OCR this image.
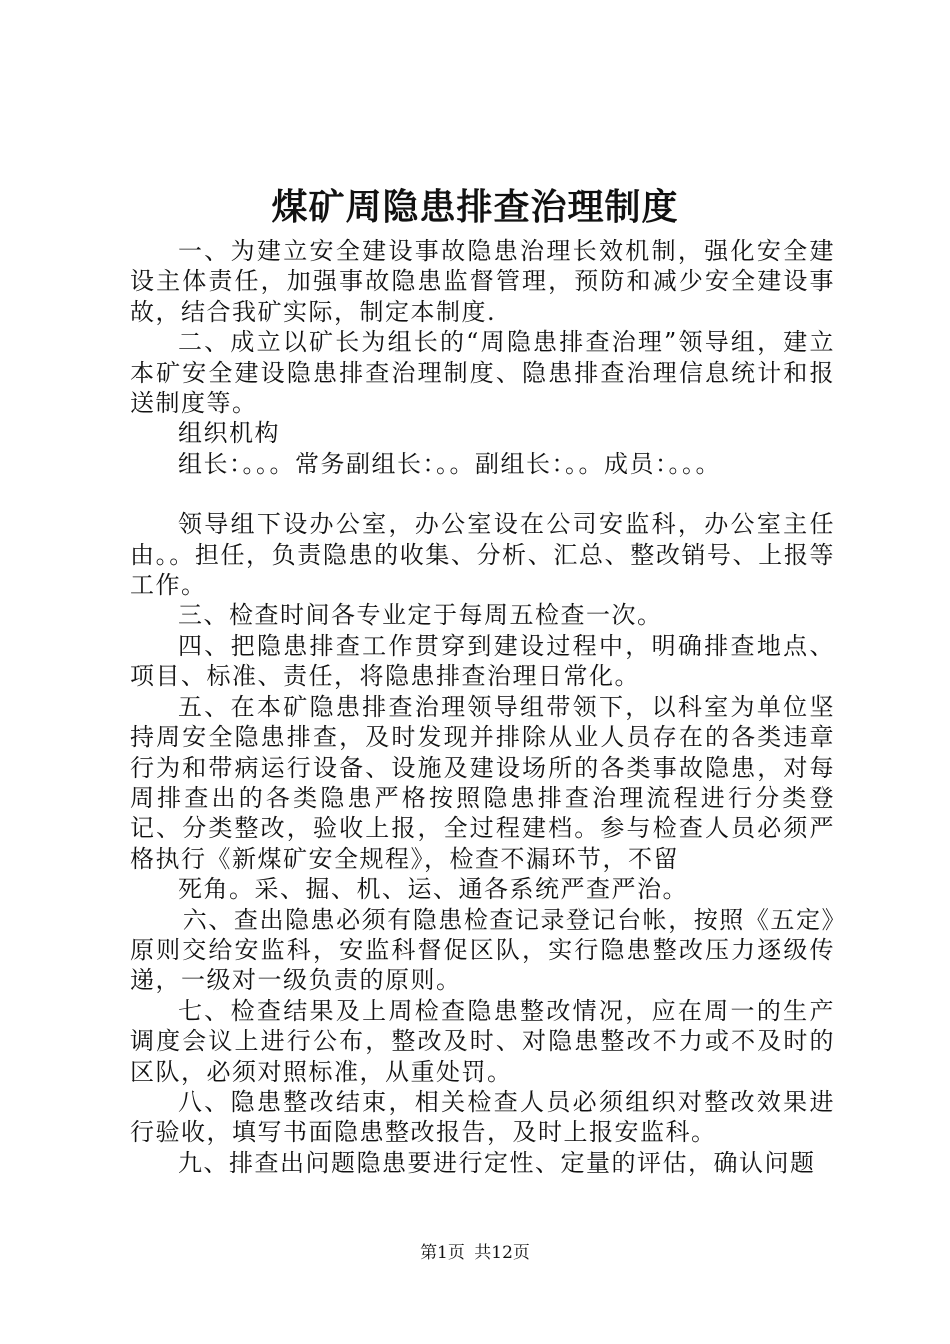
煤矿周隐患排查治理制度

一、为建立安全建设事故隐患治理长效机制，强化安全建设主体责任，加强事故隐患监督管理，预防和减少安全建设事故，结合我矿实际，制定本制度.

二、成立以矿长为组长的“周隐患排查治理”领导组，建立本矿安全建设隐患排查治理制度、隐患排查治理信息统计和报送制度等。

组织机构

组长：。。。常务副组长：。。副组长：。。成员：。。。

领导组下设办公室，办公室设在公司安监科，办公室主任由。。担任，负责隐患的收集、分析、汇总、整改销号、上报等工作。

三、检查时间各专业定于每周五检查一次。

四、把隐患排查工作贯穿到建设过程中，明确排查地点、项目、标准、责任，将隐患排查治理日常化。

五、在本矿隐患排查治理领导组带领下，以科室为单位坚持周安全隐患排查，及时发现并排除从业人员存在的各类违章行为和带病运行设备、设施及建设场所的各类事故隐患，对每周排查出的各类隐患严格按照隐患排查治理流程进行分类登记、分类整改，验收上报，全过程建档。参与检查人员必须严格执行《新煤矿安全规程》，检查不漏环节，不留

死角。采、掘、机、运、通各系统严查严治。

六、查出隐患必须有隐患检查记录登记台帐，按照《五定》原则交给安监科，安监科督促区队，实行隐患整改压力逐级传递，一级对一级负责的原则。

七、检查结果及上周检查隐患整改情况，应在周一的生产调度会议上进行公布，整改及时、对隐患整改不力或不及时的区队，必须对照标准，从重处罚。

八、隐患整改结束，相关检查人员必须组织对整改效果进行验收，填写书面隐患整改报告，及时上报安监科。

九、排查出问题隐患要进行定性、定量的评估，确认问题

第1页 共12页
